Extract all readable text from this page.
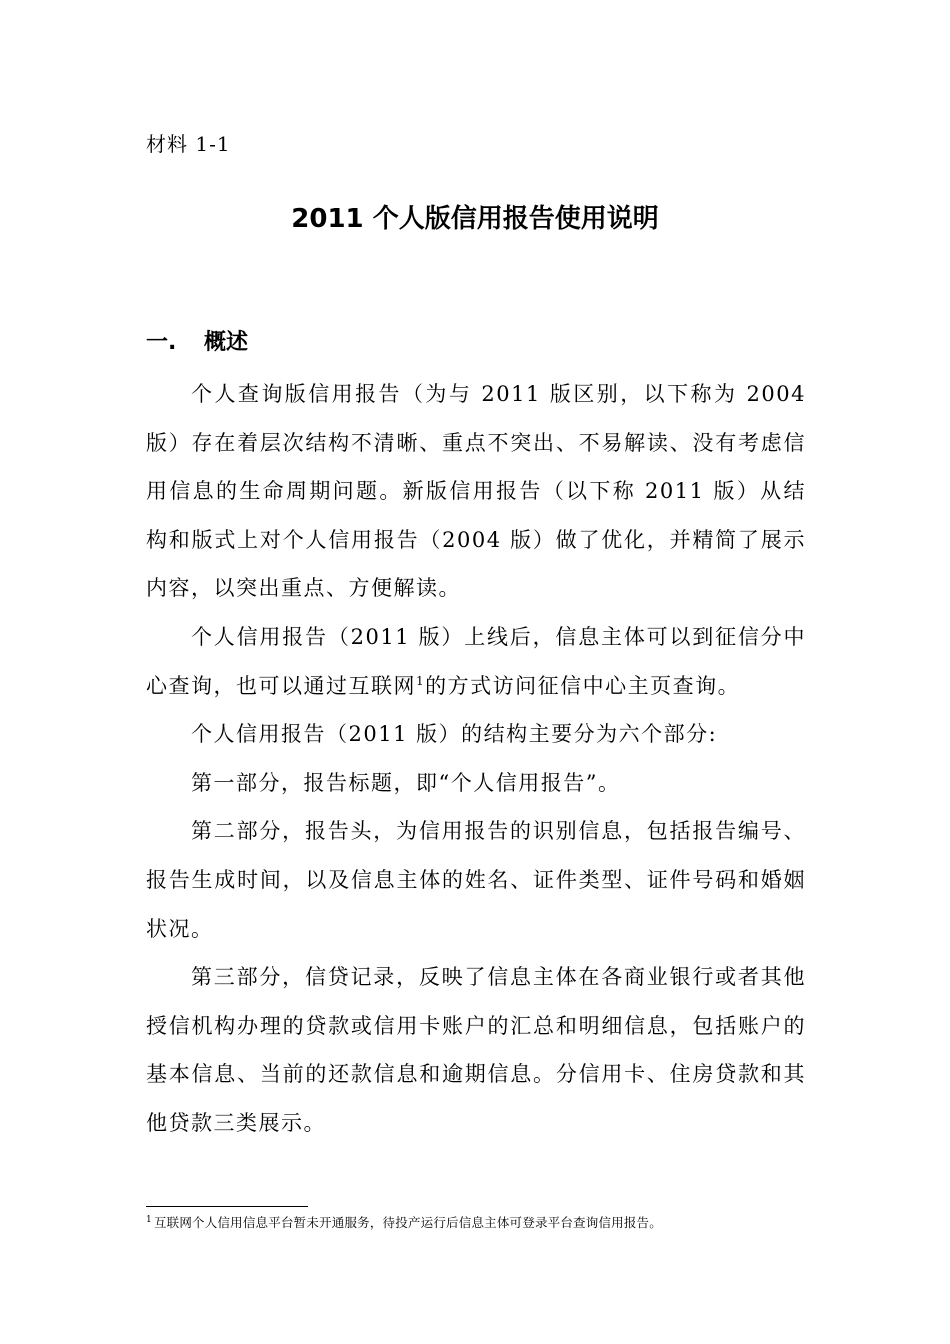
材料 1-1
2011 个人版信用报告使用说明
一. 概述

个人查询版信用报告（为与 2011 版区别，以下称为 2004 版）存在着层次结构不清晰、重点不突出、不易解读、没有考虑信用信息的生命周期问题。新版信用报告（以下称 2011 版）从结构和版式上对个人信用报告（2004 版）做了优化，并精简了展示内容，以突出重点、方便解读。

个人信用报告（2011 版）上线后，信息主体可以到征信分中心查询，也可以通过互联网$^1$的方式访问征信中心主页查询。

个人信用报告（2011 版）的结构主要分为六个部分:

第一部分，报告标题，即“个人信用报告”。

第二部分，报告头，为信用报告的识别信息，包括报告编号、报告生成时间，以及信息主体的姓名、证件类型、证件号码和婚姻状况。

第三部分，信贷记录，反映了信息主体在各商业银行或者其他授信机构办理的贷款或信用卡账户的汇总和明细信息，包括账户的基本信息、当前的还款信息和逾期信息。分信用卡、住房贷款和其他贷款三类展示。

$^1$ 互联网个人信用信息平台暂未开通服务，待投产运行后信息主体可登录平台查询信用报告。
